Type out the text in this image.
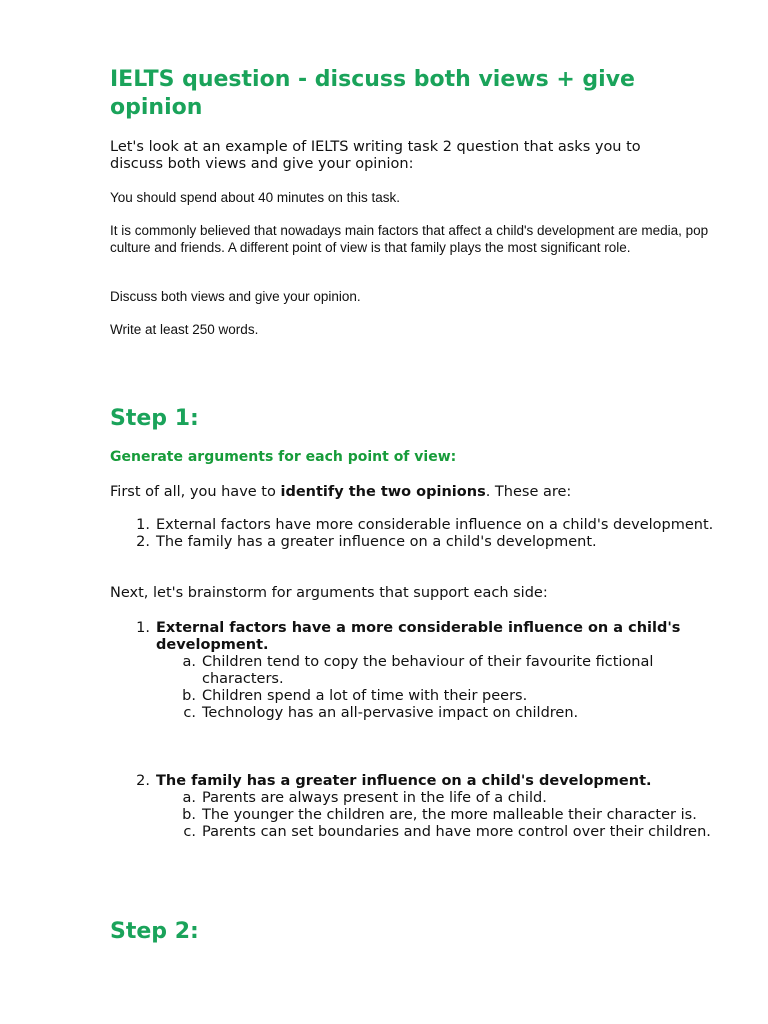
IELTS question - discuss both views + give opinion

Let's look at an example of IELTS writing task 2 question that asks you to discuss both views and give your opinion:

You should spend about 40 minutes on this task.

It is commonly believed that nowadays main factors that affect a child's development are media, pop culture and friends. A different point of view is that family plays the most significant role.

Discuss both views and give your opinion.

Write at least 250 words.

Step 1:
Generate arguments for each point of view:

First of all, you have to identify the two opinions. These are:

1. External factors have more considerable influence on a child's development.
2. The family has a greater influence on a child's development.

Next, let's brainstorm for arguments that support each side:

1. External factors have a more considerable influence on a child's development.
a. Children tend to copy the behaviour of their favourite fictional characters.
b. Children spend a lot of time with their peers.
c. Technology has an all-pervasive impact on children.
2. The family has a greater influence on a child's development.
a. Parents are always present in the life of a child.
b. The younger the children are, the more malleable their character is.
c. Parents can set boundaries and have more control over their children.
Step 2:
